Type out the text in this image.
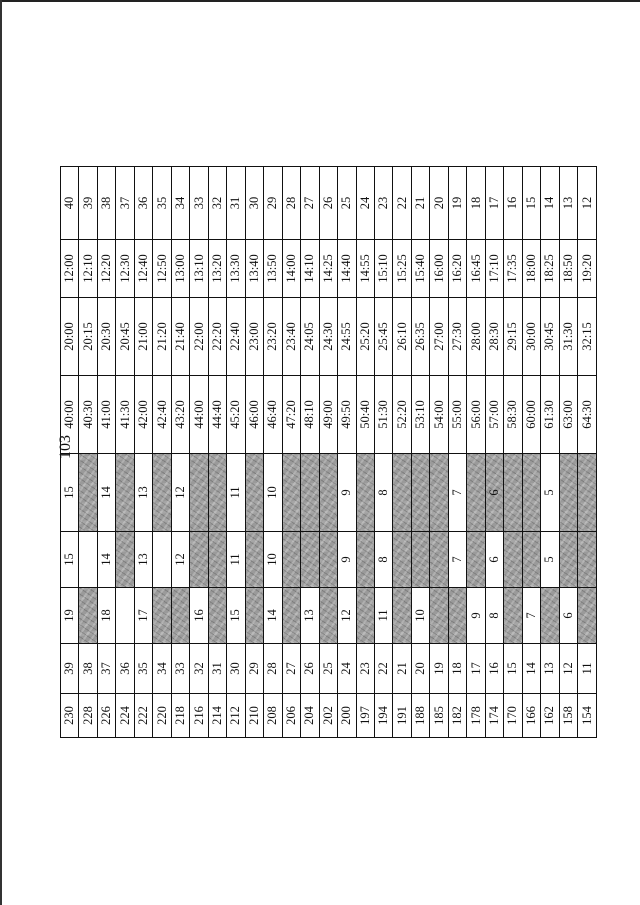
103
230	39	19	15	15	40:00	20:00	12:00	40
228	38				40:30	20:15	12:10	39
226	37	18	14	14	41:00	20:30	12:20	38
224	36				41:30	20:45	12:30	37
222	35	17	13	13	42:00	21:00	12:40	36
220	34				42:40	21:20	12:50	35
218	33		12	12	43:20	21:40	13:00	34
216	32	16			44:00	22:00	13:10	33
214	31				44:40	22:20	13:20	32
212	30	15	11	11	45:20	22:40	13:30	31
210	29				46:00	23:00	13:40	30
208	28	14	10	10	46:40	23:20	13:50	29
206	27				47:20	23:40	14:00	28
204	26	13			48:10	24:05	14:10	27
202	25				49:00	24:30	14:25	26
200	24	12	9	9	49:50	24:55	14:40	25
197	23				50:40	25:20	14:55	24
194	22	11	8	8	51:30	25:45	15:10	23
191	21				52:20	26:10	15:25	22
188	20	10			53:10	26:35	15:40	21
185	19				54:00	27:00	16:00	20
182	18		7	7	55:00	27:30	16:20	19
178	17	9			56:00	28:00	16:45	18
174	16	8	6	6	57:00	28:30	17:10	17
170	15				58:30	29:15	17:35	16
166	14	7			60:00	30:00	18:00	15
162	13		5	5	61:30	30:45	18:25	14
158	12	6			63:00	31:30	18:50	13
154	11				64:30	32:15	19:20	12
